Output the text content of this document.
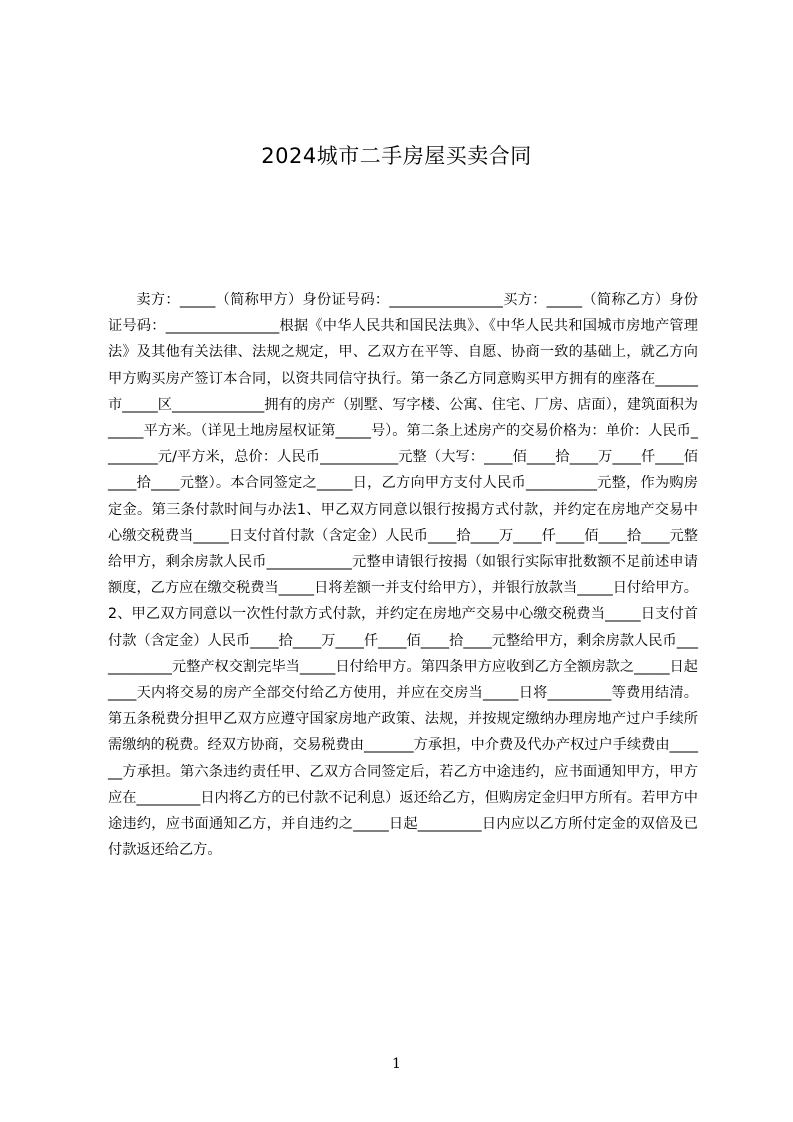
2024城市二手房屋买卖合同

卖方：_____（简称甲方）身份证号码：________________买方：_____（简称乙方）身份证号码：________________根据《中华人民共和国民法典》、《中华人民共和国城市房地产管理法》及其他有关法律、法规之规定，甲、乙双方在平等、自愿、协商一致的基础上，就乙方向甲方购买房产签订本合同，以资共同信守执行。第一条乙方同意购买甲方拥有的座落在______市_____区_____________拥有的房产（别墅、写字楼、公寓、住宅、厂房、店面），建筑面积为_____平方米。（详见土地房屋权证第_____号）。第二条上述房产的交易价格为：单价：人民币________元/平方米，总价：人民币___________元整（大写：____佰____拾____万____仟____佰____拾____元整）。本合同签定之_____日，乙方向甲方支付人民币__________元整，作为购房定金。第三条付款时间与办法1、甲乙双方同意以银行按揭方式付款，并约定在房地产交易中心缴交税费当_____日支付首付款（含定金）人民币____拾____万____仟____佰____拾____元整给甲方，剩余房款人民币____________元整申请银行按揭（如银行实际审批数额不足前述申请额度，乙方应在缴交税费当_____日将差额一并支付给甲方），并银行放款当_____日付给甲方。2、甲乙双方同意以一次性付款方式付款，并约定在房地产交易中心缴交税费当_____日支付首付款（含定金）人民币____拾____万____仟____佰____拾____元整给甲方，剩余房款人民币____________元整产权交割完毕当_____日付给甲方。第四条甲方应收到乙方全额房款之_____日起____天内将交易的房产全部交付给乙方使用，并应在交房当_____日将_________等费用结清。第五条税费分担甲乙双方应遵守国家房地产政策、法规，并按规定缴纳办理房地产过户手续所需缴纳的税费。经双方协商，交易税费由_______方承担，中介费及代办产权过户手续费由______方承担。第六条违约责任甲、乙双方合同签定后，若乙方中途违约，应书面通知甲方，甲方应在_________日内将乙方的已付款不记利息）返还给乙方，但购房定金归甲方所有。若甲方中途违约，应书面通知乙方，并自违约之_____日起_________日内应以乙方所付定金的双倍及已付款返还给乙方。

1
